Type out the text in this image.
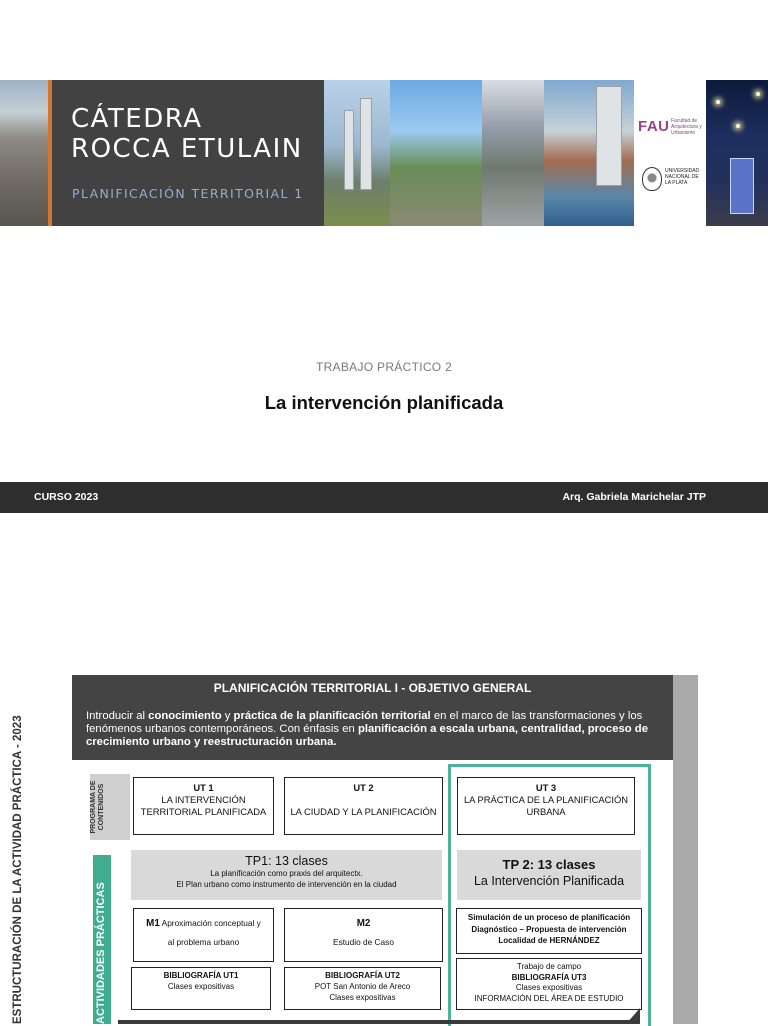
CÁTEDRA
ROCCA ETULAIN
PLANIFICACIÓN TERRITORIAL 1
FAU Facultad de Arquitectura y Urbanismo
UNIVERSIDAD NACIONAL DE LA PLATA
TRABAJO PRÁCTICO 2
La intervención planificada
CURSO 2023	Arq. Gabriela Marichelar JTP
PLANIFICACIÓN TERRITORIAL I - OBJETIVO GENERAL
Introducir al conocimiento y práctica de la planificación territorial en el marco de las transformaciones y los fenómenos urbanos contemporáneos. Con énfasis en planificación a escala urbana, centralidad, proceso de crecimiento urbano y reestructuración urbana.
ESTRUCTURACIÓN DE LA ACTIVIDAD PRÁCTICA - 2023	PROGRAMA DE CONTENIDOS
ACTIVIDADES PRÁCTICAS
UT 1
LA INTERVENCIÓN
TERRITORIAL PLANIFICADA
UT 2
LA CIUDAD Y LA PLANIFICACIÓN
UT 3
LA PRÁCTICA DE LA PLANIFICACIÓN
URBANA
TP1: 13 clases
La planificación como praxis del arquitectx.
El Plan urbano como instrumento de intervención en la ciudad
TP 2: 13 clases
La Intervención Planificada
M1 Aproximación conceptual y
al problema urbano
M2
Estudio de Caso
Simulación de un proceso de planificación
Diagnóstico – Propuesta de intervención
Localidad de HERNÁNDEZ
BIBLIOGRAFÍA UT1
Clases expositivas
BIBLIOGRAFÍA UT2
POT San Antonio de Areco
Clases expositivas
Trabajo de campo
BIBLIOGRAFÍA UT3
Clases expositivas
INFORMACIÓN DEL ÁREA DE ESTUDIO
